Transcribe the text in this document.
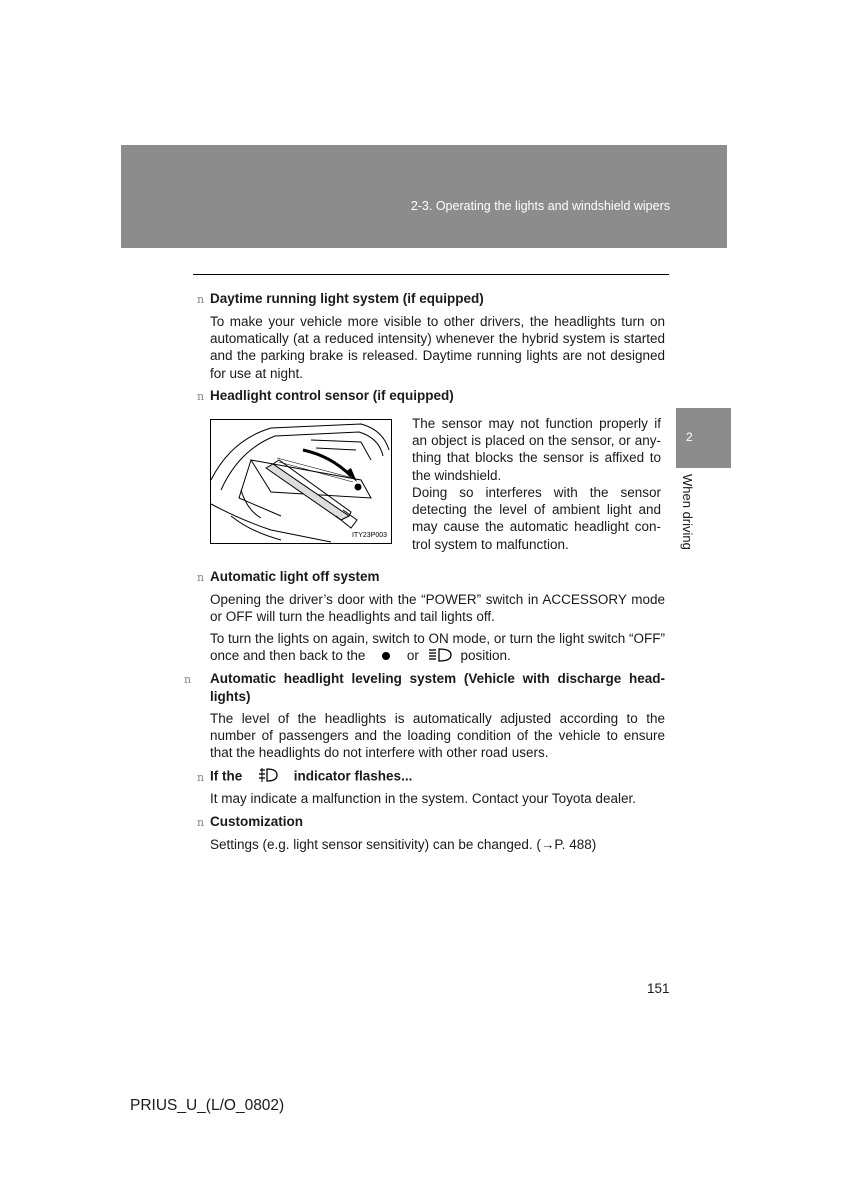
2-3. Operating the lights and windshield wipers
2
When driving
n Daytime running light system (if equipped)
To make your vehicle more visible to other drivers, the headlights turn on automatically (at a reduced intensity) whenever the hybrid system is started and the parking brake is released. Daytime running lights are not designed for use at night.
n Headlight control sensor (if equipped)
ITY23P003
The sensor may not function properly if an object is placed on the sensor, or any-thing that blocks the sensor is affixed to the windshield.
Doing so interferes with the sensor detecting the level of ambient light and may cause the automatic headlight con-trol system to malfunction.
n Automatic light off system
Opening the driver’s door with the “POWER” switch in ACCESSORY mode or OFF will turn the headlights and tail lights off.
To turn the lights on again, switch to ON mode, or turn the light switch “OFF” once and then back to the	or	position.
n Automatic headlight leveling system (Vehicle with discharge head-lights)
The level of the headlights is automatically adjusted according to the number of passengers and the loading condition of the vehicle to ensure that the headlights do not interfere with other road users.
n If the	indicator flashes...
It may indicate a malfunction in the system. Contact your Toyota dealer.
n Customization
Settings (e.g. light sensor sensitivity) can be changed. (→P. 488)
151
PRIUS_U_(L/O_0802)
